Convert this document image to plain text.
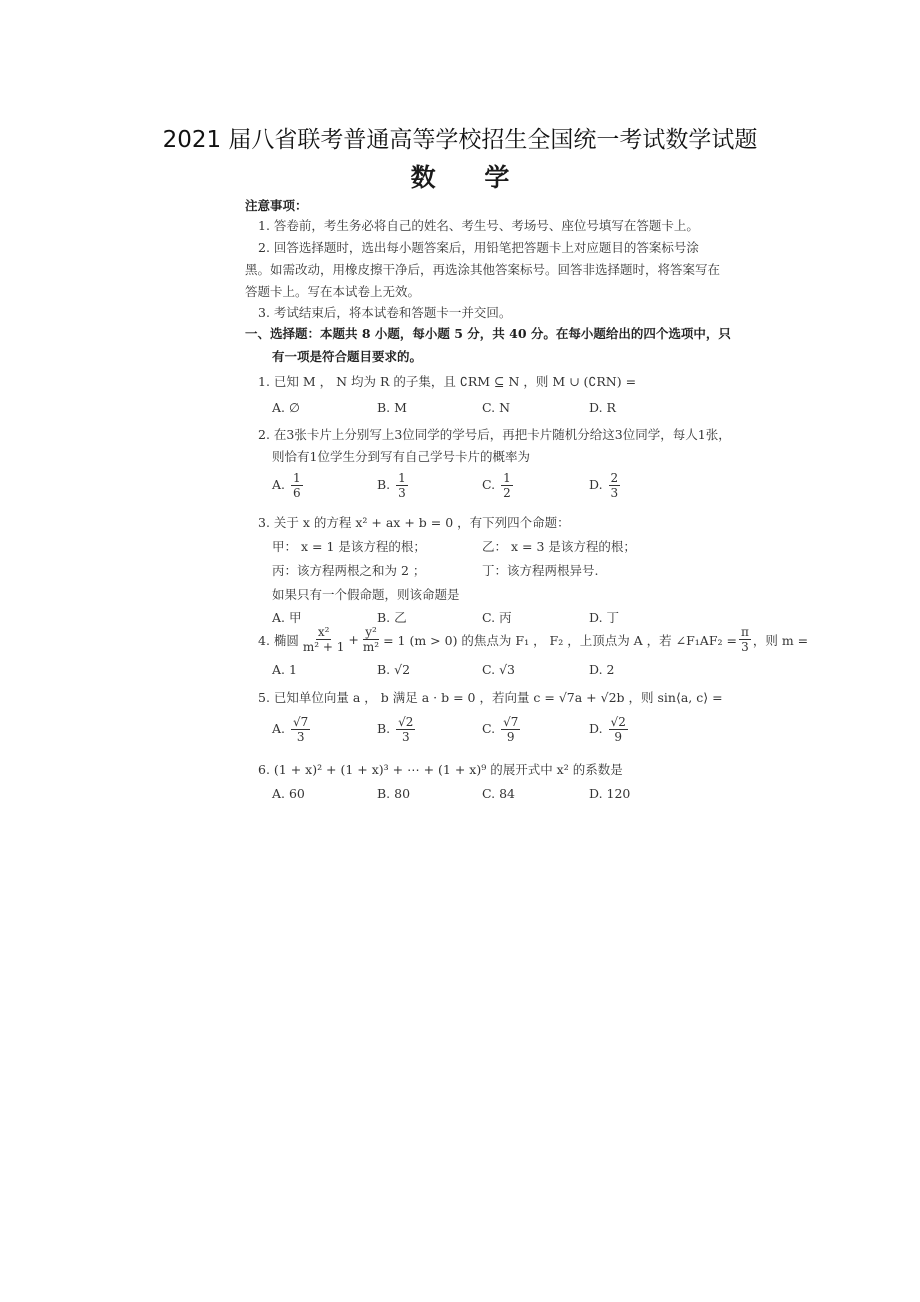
2021 届八省联考普通高等学校招生全国统一考试数学试题
数 学
注意事项：
1. 答卷前，考生务必将自己的姓名、考生号、考场号、座位号填写在答题卡上。
2. 回答选择题时，选出每小题答案后，用铅笔把答题卡上对应题目的答案标号涂
黑。如需改动，用橡皮擦干净后，再选涂其他答案标号。回答非选择题时，将答案写在
答题卡上。写在本试卷上无效。
3. 考试结束后，将本试卷和答题卡一并交回。
一、选择题：本题共 8 小题，每小题 5 分，共 40 分。在每小题给出的四个选项中，只
有一项是符合题目要求的。
1. 已知 M ， N 均为 R 的子集，且 ∁RM ⊆ N ，则 M ∪ (∁RN) =
A. ∅	B. M	C. N	D. R
2. 在3张卡片上分别写上3位同学的学号后，再把卡片随机分给这3位同学，每人1张，
则恰有1位学生分到写有自己学号卡片的概率为
A. $\frac{1}{6}$	B. $\frac{1}{3}$	C. $\frac{1}{2}$	D. $\frac{2}{3}$
3. 关于 x 的方程 x² + ax + b = 0 ，有下列四个命题：
甲： x = 1 是该方程的根；	乙： x = 3 是该方程的根；
丙：该方程两根之和为 2 ；	丁：该方程两根异号.
如果只有一个假命题，则该命题是
A. 甲	B. 乙	C. 丙	D. 丁
4. 椭圆 $\frac{\text{x²}}{\text{m² + 1}} + \frac{\text{y²}}{\text{m²}} = 1$ (m > 0) 的焦点为 F₁ ， F₂ ，上顶点为 A ，若 ∠F₁AF₂ = $\frac{\pi}{3}$ ，则 m =
A. 1	B. √2	C. √3	D. 2
5. 已知单位向量 a ， b 满足 a · b = 0 ，若向量 c = √7a + √2b ，则 sin⟨a, c⟩ =
A. $\frac{√7}{3}$	B. $\frac{√2}{3}$	C. $\frac{√7}{9}$	D. $\frac{√2}{9}$
6. (1 + x)² + (1 + x)³ + ⋯ + (1 + x)⁹ 的展开式中 x² 的系数是
A. 60	B. 80	C. 84	D. 120
